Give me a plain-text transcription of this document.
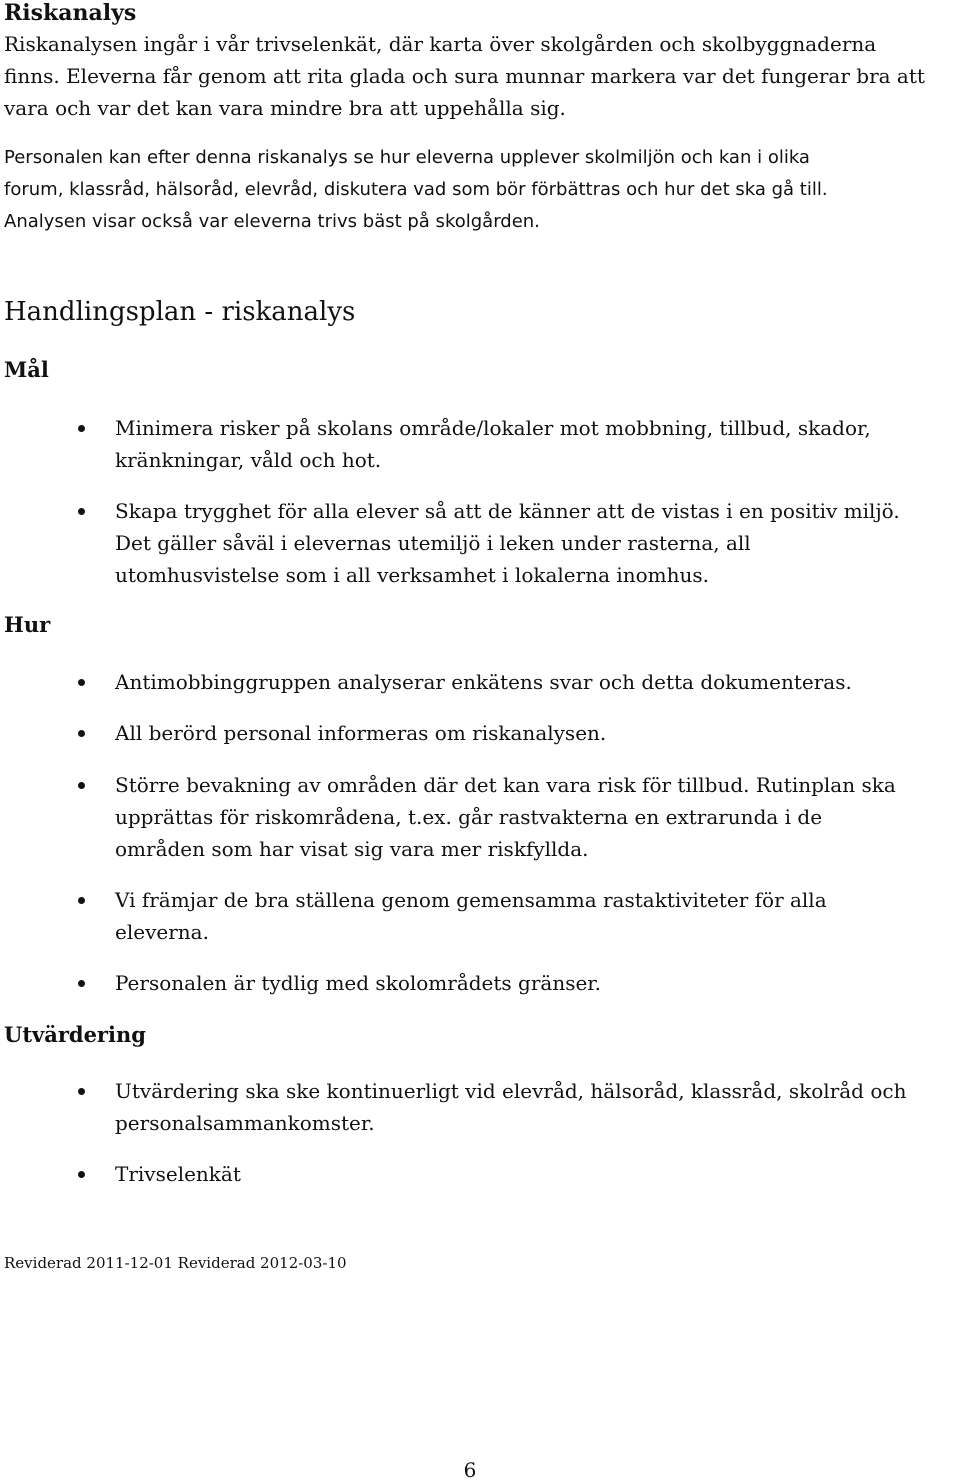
Riskanalys
Riskanalysen ingår i vår trivselenkät, där karta över skolgården och skolbyggnaderna
finns. Eleverna får genom att rita glada och sura munnar markera var det fungerar bra att
vara och var det kan vara mindre bra att uppehålla sig.
Personalen kan efter denna riskanalys se hur eleverna upplever skolmiljön och kan i olika
forum, klassråd, hälsoråd, elevråd, diskutera vad som bör förbättras och hur det ska gå till.
Analysen visar också var eleverna trivs bäst på skolgården.
Handlingsplan - riskanalys
Mål
Minimera risker på skolans område/lokaler mot mobbning, tillbud, skador,
kränkningar, våld och hot.
Skapa trygghet för alla elever så att de känner att de vistas i en positiv miljö.
Det gäller såväl i elevernas utemiljö i leken under rasterna, all
utomhusvistelse som i all verksamhet i lokalerna inomhus.
Hur
Antimobbinggruppen analyserar enkätens svar och detta dokumenteras.
All berörd personal informeras om riskanalysen.
Större bevakning av områden där det kan vara risk för tillbud. Rutinplan ska
upprättas för riskområdena, t.ex. går rastvakterna en extrarunda i de
områden som har visat sig vara mer riskfyllda.
Vi främjar de bra ställena genom gemensamma rastaktiviteter för alla
eleverna.
Personalen är tydlig med skolområdets gränser.
Utvärdering
Utvärdering ska ske kontinuerligt vid elevråd, hälsoråd, klassråd, skolråd och
personalsammankomster.
Trivselenkät
Reviderad 2011-12-01 Reviderad 2012-03-10
6
